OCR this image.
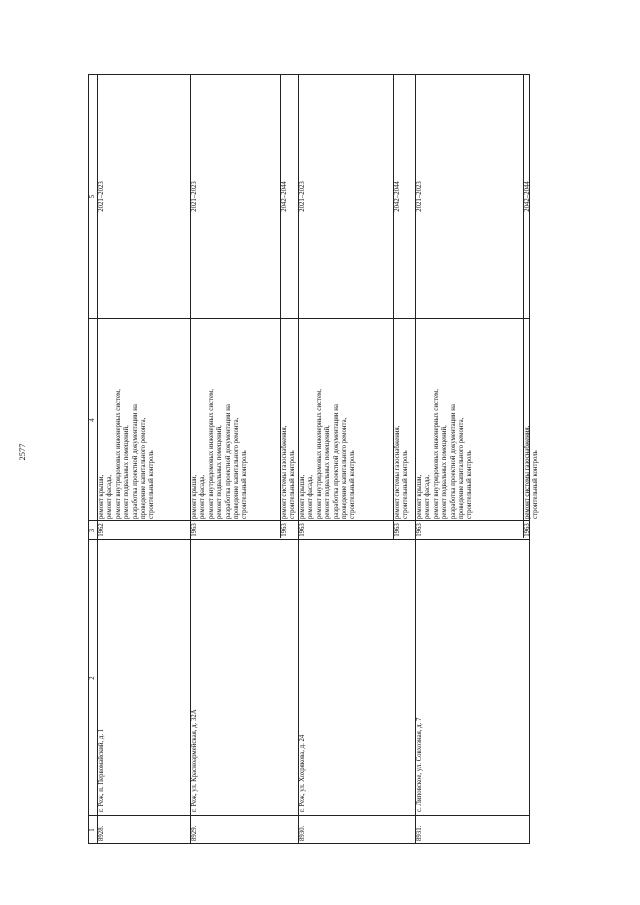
2577
1
2
3
4
5
8928.
г. Реж, п. Первомайский, д. 1
1962
ремонт крыши,
ремонт фасада,
ремонт внутридомовых инженерных систем,
ремонт подвальных помещений,
разработка проектной документации на
проведение капитального ремонта,
строительный контроль
2021–2023
8929.
г. Реж, ул. Красноармейская, д. 32А
1963
ремонт крыши,
ремонт фасада,
ремонт внутридомовых инженерных систем,
ремонт подвальных помещений,
разработка проектной документации на
проведение капитального ремонта,
строительный контроль
2021–2023
1963
ремонт системы газоснабжения,
строительный контроль
2042–2044
8930.
г. Реж, ул. Хохрякова, д. 24
1963
ремонт крыши,
ремонт фасада,
ремонт внутридомовых инженерных систем,
ремонт подвальных помещений,
разработка проектной документации на
проведение капитального ремонта,
строительный контроль
2021–2023
1963
ремонт системы газоснабжения,
строительный контроль
2042–2044
8931.
с. Липовское, ул. Совхозная, д. 7
1963
ремонт крыши,
ремонт фасада,
ремонт внутридомовых инженерных систем,
ремонт подвальных помещений,
разработка проектной документации на
проведение капитального ремонта,
строительный контроль
2021–2023
1963
ремонт системы газоснабжения,
строительный контроль
2042–2044
